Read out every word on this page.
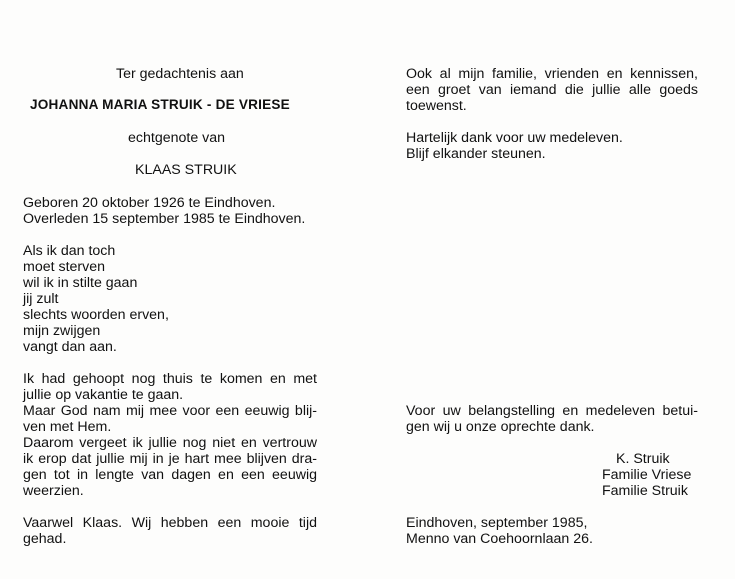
Ter gedachtenis aan
JOHANNA MARIA STRUIK - DE VRIESE
echtgenote van
KLAAS STRUIK
Geboren 20 oktober 1926 te Eindhoven.
Overleden 15 september 1985 te Eindhoven.
Als ik dan toch
moet sterven
wil ik in stilte gaan
jij zult
slechts woorden erven,
mijn zwijgen
vangt dan aan.
Ik had gehoopt nog thuis te komen en met
jullie op vakantie te gaan.
Maar God nam mij mee voor een eeuwig blij-
ven met Hem.
Daarom vergeet ik jullie nog niet en vertrouw
ik erop dat jullie mij in je hart mee blijven dra-
gen tot in lengte van dagen en een eeuwig
weerzien.
Vaarwel Klaas. Wij hebben een mooie tijd
gehad.
Ook al mijn familie, vrienden en kennissen,
een groet van iemand die jullie alle goeds
toewenst.
Hartelijk dank voor uw medeleven.
Blijf elkander steunen.
Voor uw belangstelling en medeleven betui-
gen wij u onze oprechte dank.
K. Struik
Familie Vriese
Familie Struik
Eindhoven, september 1985,
Menno van Coehoornlaan 26.
